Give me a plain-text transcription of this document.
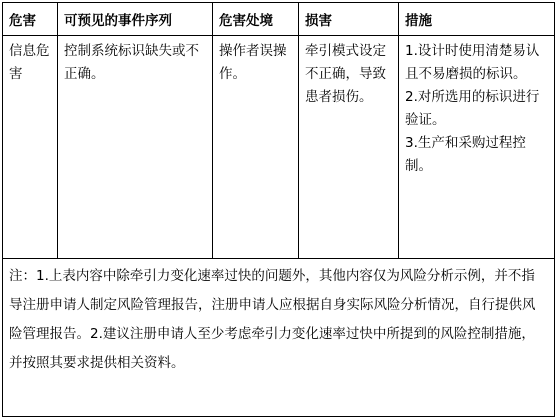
危害	可预见的事件序列	危害处境	损害	措施

信息危害	控制系统标识缺失或不正确。	操作者误操作。	牵引模式设定不正确，导致患者损伤。	1.设计时使用清楚易认且不易磨损的标识。
2.对所选用的标识进行验证。
3.生产和采购过程控制。

注：1.上表内容中除牵引力变化速率过快的问题外，其他内容仅为风险分析示例，并不指导注册申请人制定风险管理报告，注册申请人应根据自身实际风险分析情况，自行提供风险管理报告。2.建议注册申请人至少考虑牵引力变化速率过快中所提到的风险控制措施，并按照其要求提供相关资料。				
